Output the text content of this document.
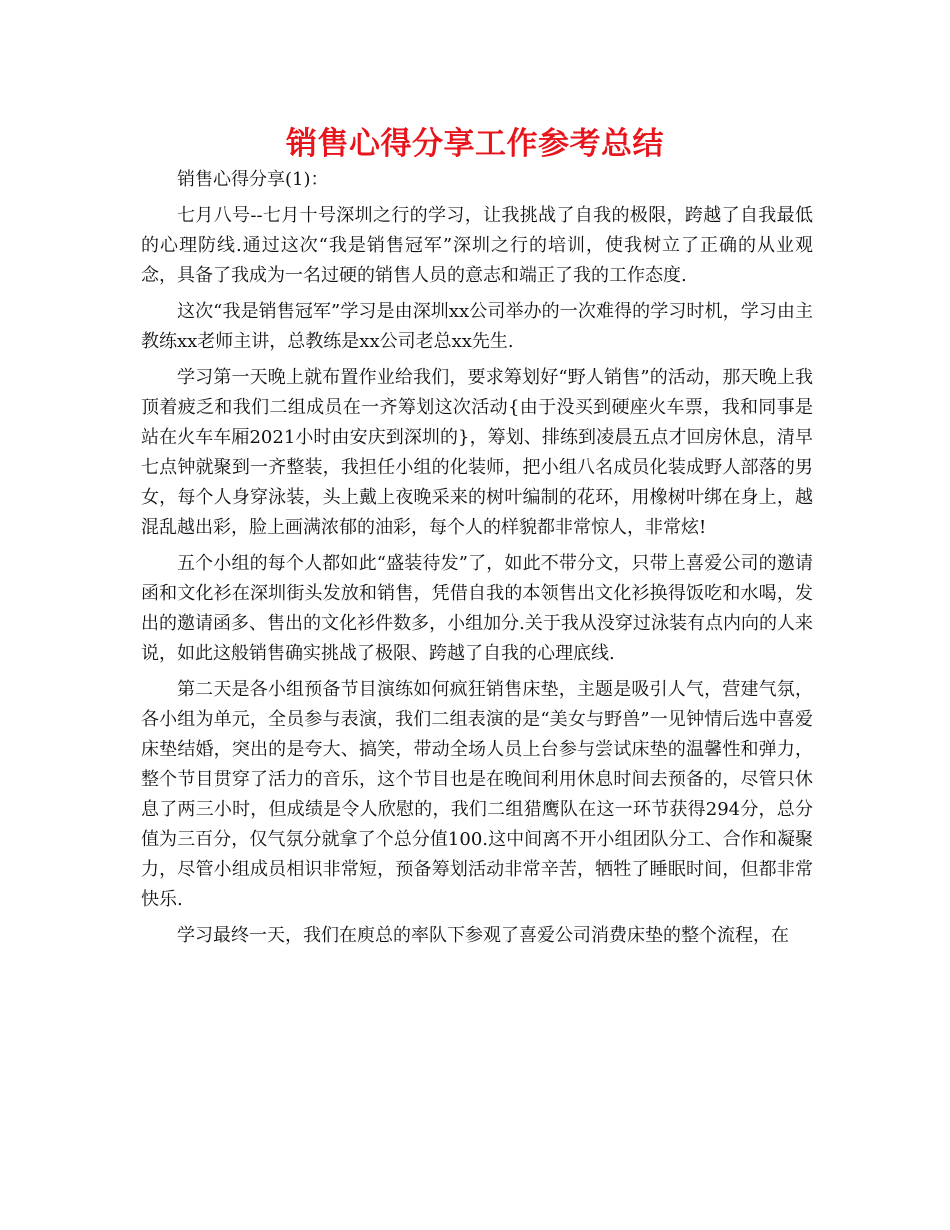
销售心得分享工作参考总结

销售心得分享(1)：

七月八号--七月十号深圳之行的学习，让我挑战了自我的极限，跨越了自我最低的心理防线.通过这次“我是销售冠军”深圳之行的培训，使我树立了正确的从业观念，具备了我成为一名过硬的销售人员的意志和端正了我的工作态度.

这次“我是销售冠军”学习是由深圳xx公司举办的一次难得的学习时机，学习由主教练xx老师主讲，总教练是xx公司老总xx先生.

学习第一天晚上就布置作业给我们，要求筹划好“野人销售”的活动，那天晚上我顶着疲乏和我们二组成员在一齐筹划这次活动{由于没买到硬座火车票，我和同事是站在火车车厢2021小时由安庆到深圳的}，筹划、排练到凌晨五点才回房休息，清早七点钟就聚到一齐整装，我担任小组的化装师，把小组八名成员化装成野人部落的男女，每个人身穿泳装，头上戴上夜晚采来的树叶编制的花环，用橡树叶绑在身上，越混乱越出彩，脸上画满浓郁的油彩，每个人的样貌都非常惊人，非常炫!

五个小组的每个人都如此“盛装待发”了，如此不带分文，只带上喜爱公司的邀请函和文化衫在深圳街头发放和销售，凭借自我的本领售出文化衫换得饭吃和水喝，发出的邀请函多、售出的文化衫件数多，小组加分.关于我从没穿过泳装有点内向的人来说，如此这般销售确实挑战了极限、跨越了自我的心理底线.

第二天是各小组预备节目演练如何疯狂销售床垫，主题是吸引人气，营建气氛，各小组为单元，全员参与表演，我们二组表演的是“美女与野兽”一见钟情后选中喜爱床垫结婚，突出的是夸大、搞笑，带动全场人员上台参与尝试床垫的温馨性和弹力，整个节目贯穿了活力的音乐，这个节目也是在晚间利用休息时间去预备的，尽管只休息了两三小时，但成绩是令人欣慰的，我们二组猎鹰队在这一环节获得294分，总分值为三百分，仅气氛分就拿了个总分值100.这中间离不开小组团队分工、合作和凝聚力，尽管小组成员相识非常短，预备筹划活动非常辛苦，牺牲了睡眠时间，但都非常快乐.

学习最终一天，我们在庾总的率队下参观了喜爱公司消费床垫的整个流程，在
